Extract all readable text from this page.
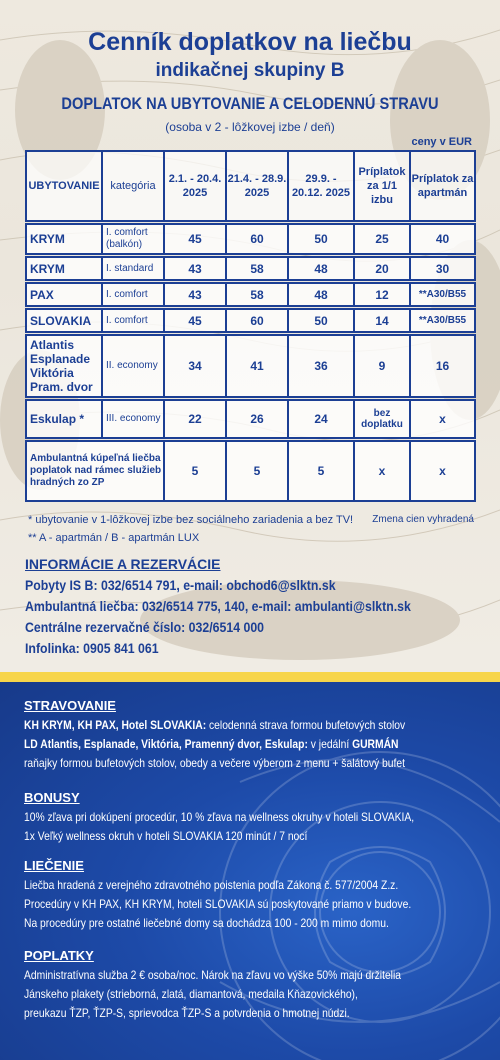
Cenník doplatkov na liečbu
indikačnej skupiny B
DOPLATOK NA UBYTOVANIE A CELODENNÚ STRAVU
(osoba v 2 - lôžkovej izbe / deň)
ceny v EUR
UBYTOVANIE	kategória	2.1. - 20.4. 2025	21.4. - 28.9. 2025	29.9. - 20.12. 2025	Príplatok za 1/1 izbu	Príplatok za apartmán

KRYM	I. comfort (balkón)	45	60	50	25	40

KRYM	I. standard	43	58	48	20	30

PAX	I. comfort	43	58	48	12	**A30/B55

SLOVAKIA	I. comfort	45	60	50	14	**A30/B55

Atlantis Esplanade Viktória Pram. dvor	II. economy	34	41	36	9	16

Eskulap *	III. economy	22	26	24	bez doplatku	x

Ambulantná kúpeľná liečba poplatok nad rámec služieb hradných zo ZP		5	5	5	x	x
* ubytovanie v 1-lôžkovej izbe bez sociálneho zariadenia a bez TV! Zmena cien vyhradená
** A - apartmán / B - apartmán LUX
INFORMÁCIE A REZERVÁCIE
Pobyty IS B: 032/6514 791, e-mail: obchod6@slktn.sk
Ambulantná liečba: 032/6514 775, 140, e-mail: ambulanti@slktn.sk
Centrálne rezervačné číslo: 032/6514 000
Infolinka: 0905 841 061
STRAVOVANIE
KH KRYM, KH PAX, Hotel SLOVAKIA: celodenná strava formou bufetových stolov
LD Atlantis, Esplanade, Viktória, Pramenný dvor, Eskulap: v jedální GURMÁN
raňajky formou bufetových stolov, obedy a večere výberom z menu + šalátový bufet
BONUSY
10% zľava pri dokúpení procedúr, 10 % zľava na wellness okruhy v hoteli SLOVAKIA,
1x Veľký wellness okruh v hoteli SLOVAKIA 120 minút / 7 nocí
LIEČENIE
Liečba hradená z verejného zdravotného poistenia podľa Zákona č. 577/2004 Z.z.
Procedúry v KH PAX, KH KRYM, hoteli SLOVAKIA sú poskytované priamo v budove.
Na procedúry pre ostatné liečebné domy sa dochádza 100 - 200 m mimo domu.
POPLATKY
Administratívna služba 2 € osoba/noc. Nárok na zľavu vo výške 50% majú držitelia
Jánskeho plakety (strieborná, zlatá, diamantová, medaila Kňazovického),
preukazu ŤZP, ŤZP-S, sprievodca ŤZP-S a potvrdenia o hmotnej núdzi.
